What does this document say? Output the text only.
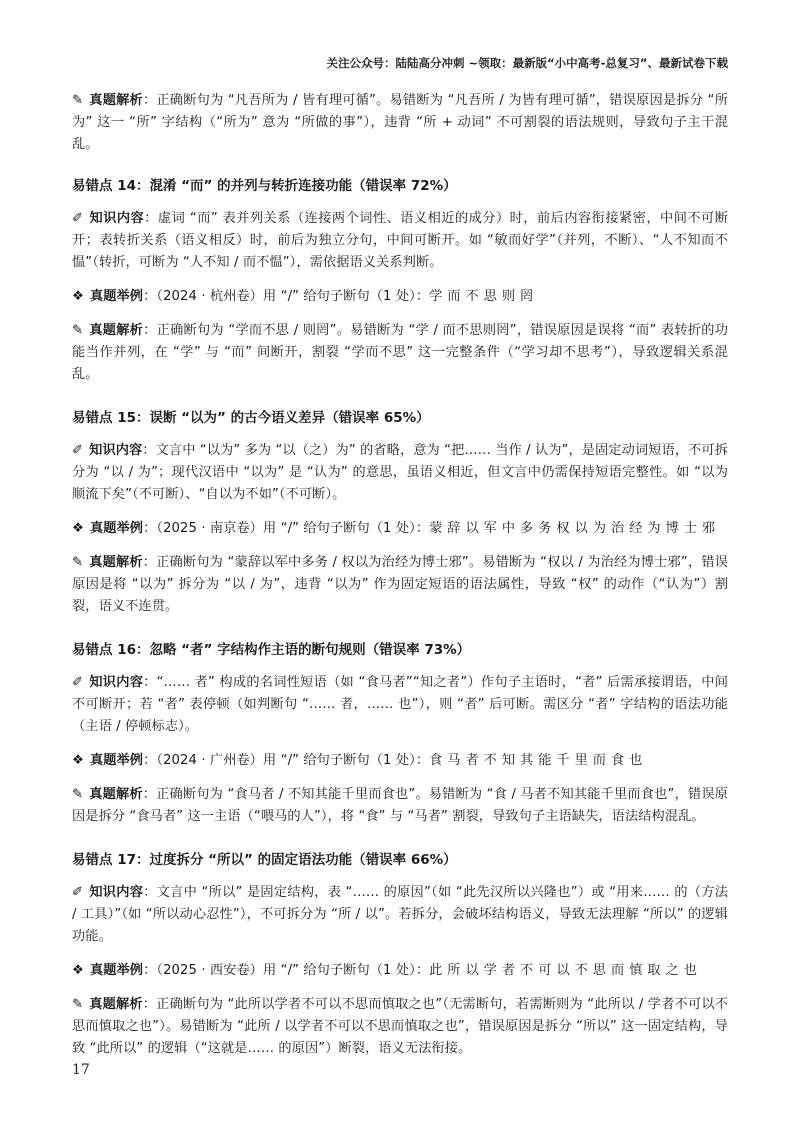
关注公众号：陆陆高分冲刺 ~领取：最新版“小中高考-总复习”、最新试卷下载

✎ 真题解析：正确断句为 “凡吾所为 / 皆有理可循”。易错断为 “凡吾所 / 为皆有理可循”，错误原因是拆分 “所为” 这一 “所” 字结构（“所为” 意为 “所做的事”），违背 “所 + 动词” 不可割裂的语法规则，导致句子主干混乱。

易错点 14：混淆 “而” 的并列与转折连接功能（错误率 72%）

✐ 知识内容：虚词 “而” 表并列关系（连接两个词性、语义相近的成分）时，前后内容衔接紧密，中间不可断开；表转折关系（语义相反）时，前后为独立分句，中间可断开。如 “敏而好学”（并列，不断）、“人不知而不愠”（转折，可断为 “人不知 / 而不愠”），需依据语义关系判断。

❖ 真题举例：（2024 · 杭州卷）用 “/” 给句子断句（1 处）：学而不思则罔

✎ 真题解析：正确断句为 “学而不思 / 则罔”。易错断为 “学 / 而不思则罔”，错误原因是误将 “而” 表转折的功能当作并列，在 “学” 与 “而” 间断开，割裂 “学而不思” 这一完整条件（“学习却不思考”），导致逻辑关系混乱。

易错点 15：误断 “以为” 的古今语义差异（错误率 65%）

✐ 知识内容：文言中 “以为” 多为 “以（之）为” 的省略，意为 “把…… 当作 / 认为”，是固定动词短语，不可拆分为 “以 / 为”；现代汉语中 “以为” 是 “认为” 的意思，虽语义相近，但文言中仍需保持短语完整性。如 “以为顺流下矣”（不可断）、“自以为不如”（不可断）。

❖ 真题举例：（2025 · 南京卷）用 “/” 给句子断句（1 处）：蒙辞以军中多务权以为治经为博士邪

✎ 真题解析：正确断句为 “蒙辞以军中多务 / 权以为治经为博士邪”。易错断为 “权以 / 为治经为博士邪”，错误原因是将 “以为” 拆分为 “以 / 为”，违背 “以为” 作为固定短语的语法属性，导致 “权” 的动作（“认为”）割裂，语义不连贯。

易错点 16：忽略 “者” 字结构作主语的断句规则（错误率 73%）

✐ 知识内容：“…… 者” 构成的名词性短语（如 “食马者”“知之者”）作句子主语时，“者” 后需承接谓语，中间不可断开；若 “者” 表停顿（如判断句 “…… 者，…… 也”），则 “者” 后可断。需区分 “者” 字结构的语法功能（主语 / 停顿标志）。

❖ 真题举例：（2024 · 广州卷）用 “/” 给句子断句（1 处）：食马者不知其能千里而食也

✎ 真题解析：正确断句为 “食马者 / 不知其能千里而食也”。易错断为 “食 / 马者不知其能千里而食也”，错误原因是拆分 “食马者” 这一主语（“喂马的人”），将 “食” 与 “马者” 割裂，导致句子主语缺失，语法结构混乱。

易错点 17：过度拆分 “所以” 的固定语法功能（错误率 66%）

✐ 知识内容：文言中 “所以” 是固定结构，表 “…… 的原因”（如 “此先汉所以兴隆也”）或 “用来…… 的（方法 / 工具）”（如 “所以动心忍性”），不可拆分为 “所 / 以”。若拆分，会破坏结构语义，导致无法理解 “所以” 的逻辑功能。

❖ 真题举例：（2025 · 西安卷）用 “/” 给句子断句（1 处）：此所以学者不可以不思而慎取之也

✎ 真题解析：正确断句为 “此所以学者不可以不思而慎取之也”（无需断句，若需断则为 “此所以 / 学者不可以不思而慎取之也”）。易错断为 “此所 / 以学者不可以不思而慎取之也”，错误原因是拆分 “所以” 这一固定结构，导致 “此所以” 的逻辑（“这就是…… 的原因”）断裂，语义无法衔接。

17
